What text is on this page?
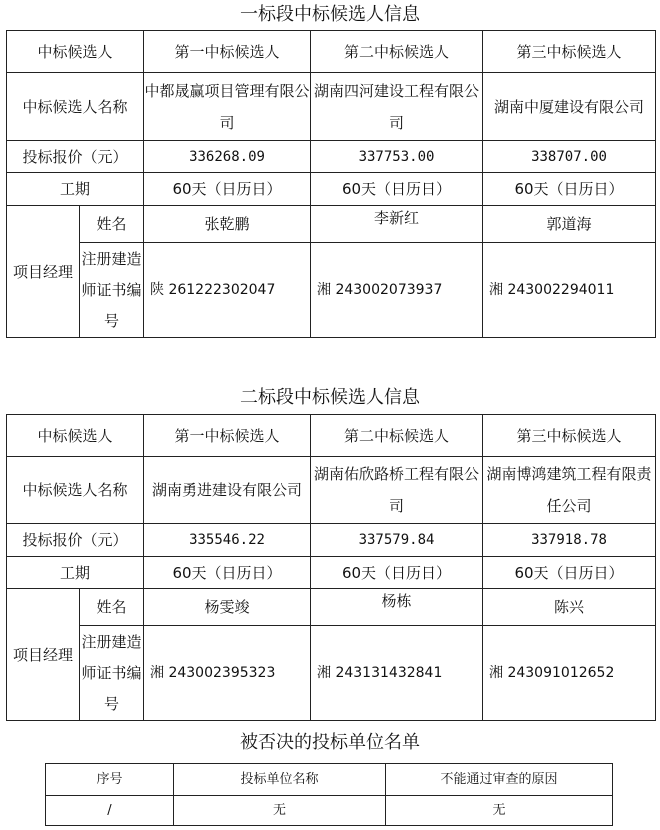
一标段中标候选人信息
中标候选人		第一中标候选人	第二中标候选人	第三中标候选人
中标候选人名称		中都晟赢项目管理有限公司	湖南四河建设工程有限公司	湖南中厦建设有限公司
投标报价（元）		336268.09	337753.00	338707.00
工期		60天（日历日）	60天（日历日）	60天（日历日）
项目经理	姓名	张乾鹏	李新红	郭道海
	注册建造师证书编号	陕 261222302047	湘 243002073937	湘 243002294011
二标段中标候选人信息
中标候选人		第一中标候选人	第二中标候选人	第三中标候选人
中标候选人名称		湖南勇进建设有限公司	湖南佑欣路桥工程有限公司	湖南博鸿建筑工程有限责任公司
投标报价（元）		335546.22	337579.84	337918.78
工期		60天（日历日）	60天（日历日）	60天（日历日）
项目经理	姓名	杨雯竣	杨栋	陈兴
	注册建造师证书编号	湘 243002395323	湘 243131432841	湘 243091012652
被否决的投标单位名单
序号	投标单位名称	不能通过审查的原因
/	无	无
